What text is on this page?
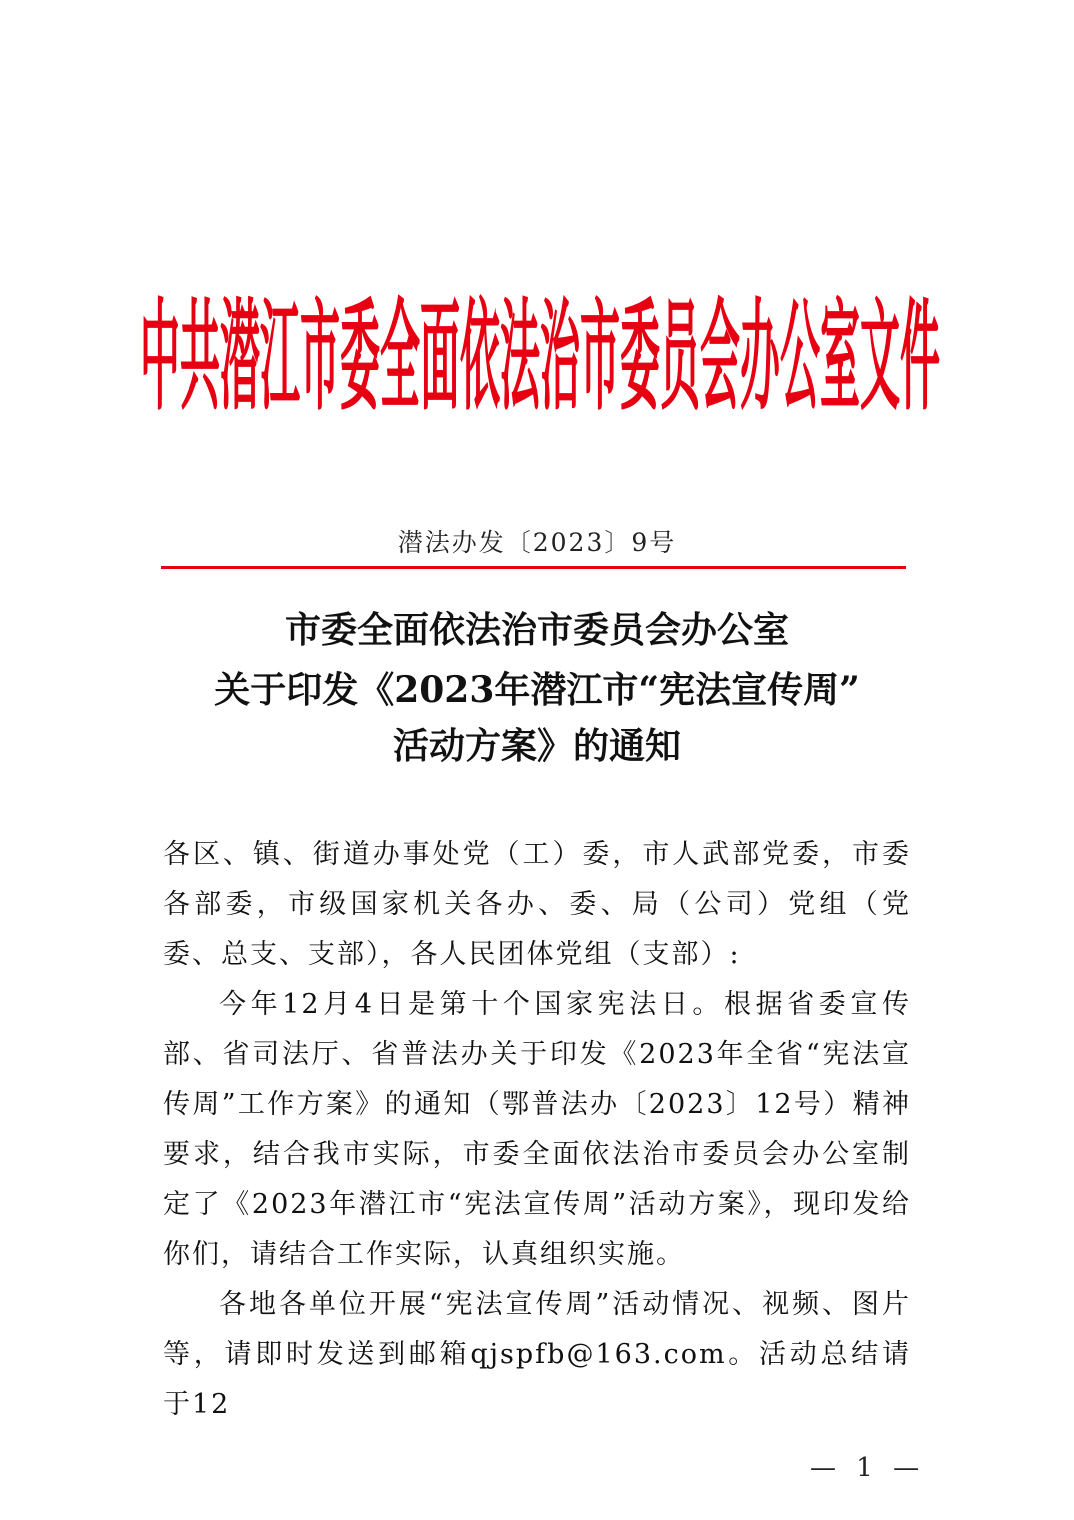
中共潜江市委全面依法治市委员会办公室文件
潜法办发〔2023〕9号
市委全面依法治市委员会办公室
关于印发《2023年潜江市“宪法宣传周”
活动方案》的通知

各区、镇、街道办事处党（工）委，市人武部党委，市委各部委，市级国家机关各办、委、局（公司）党组（党委、总支、支部），各人民团体党组（支部）:

今年12月4日是第十个国家宪法日。根据省委宣传部、省司法厅、省普法办关于印发《2023年全省“宪法宣传周”工作方案》的通知（鄂普法办〔2023〕12号）精神要求，结合我市实际，市委全面依法治市委员会办公室制定了《2023年潜江市“宪法宣传周”活动方案》，现印发给你们，请结合工作实际，认真组织实施。

各地各单位开展“宪法宣传周”活动情况、视频、图片等，请即时发送到邮箱qjspfb@163.com。活动总结请于12

— 1 —
